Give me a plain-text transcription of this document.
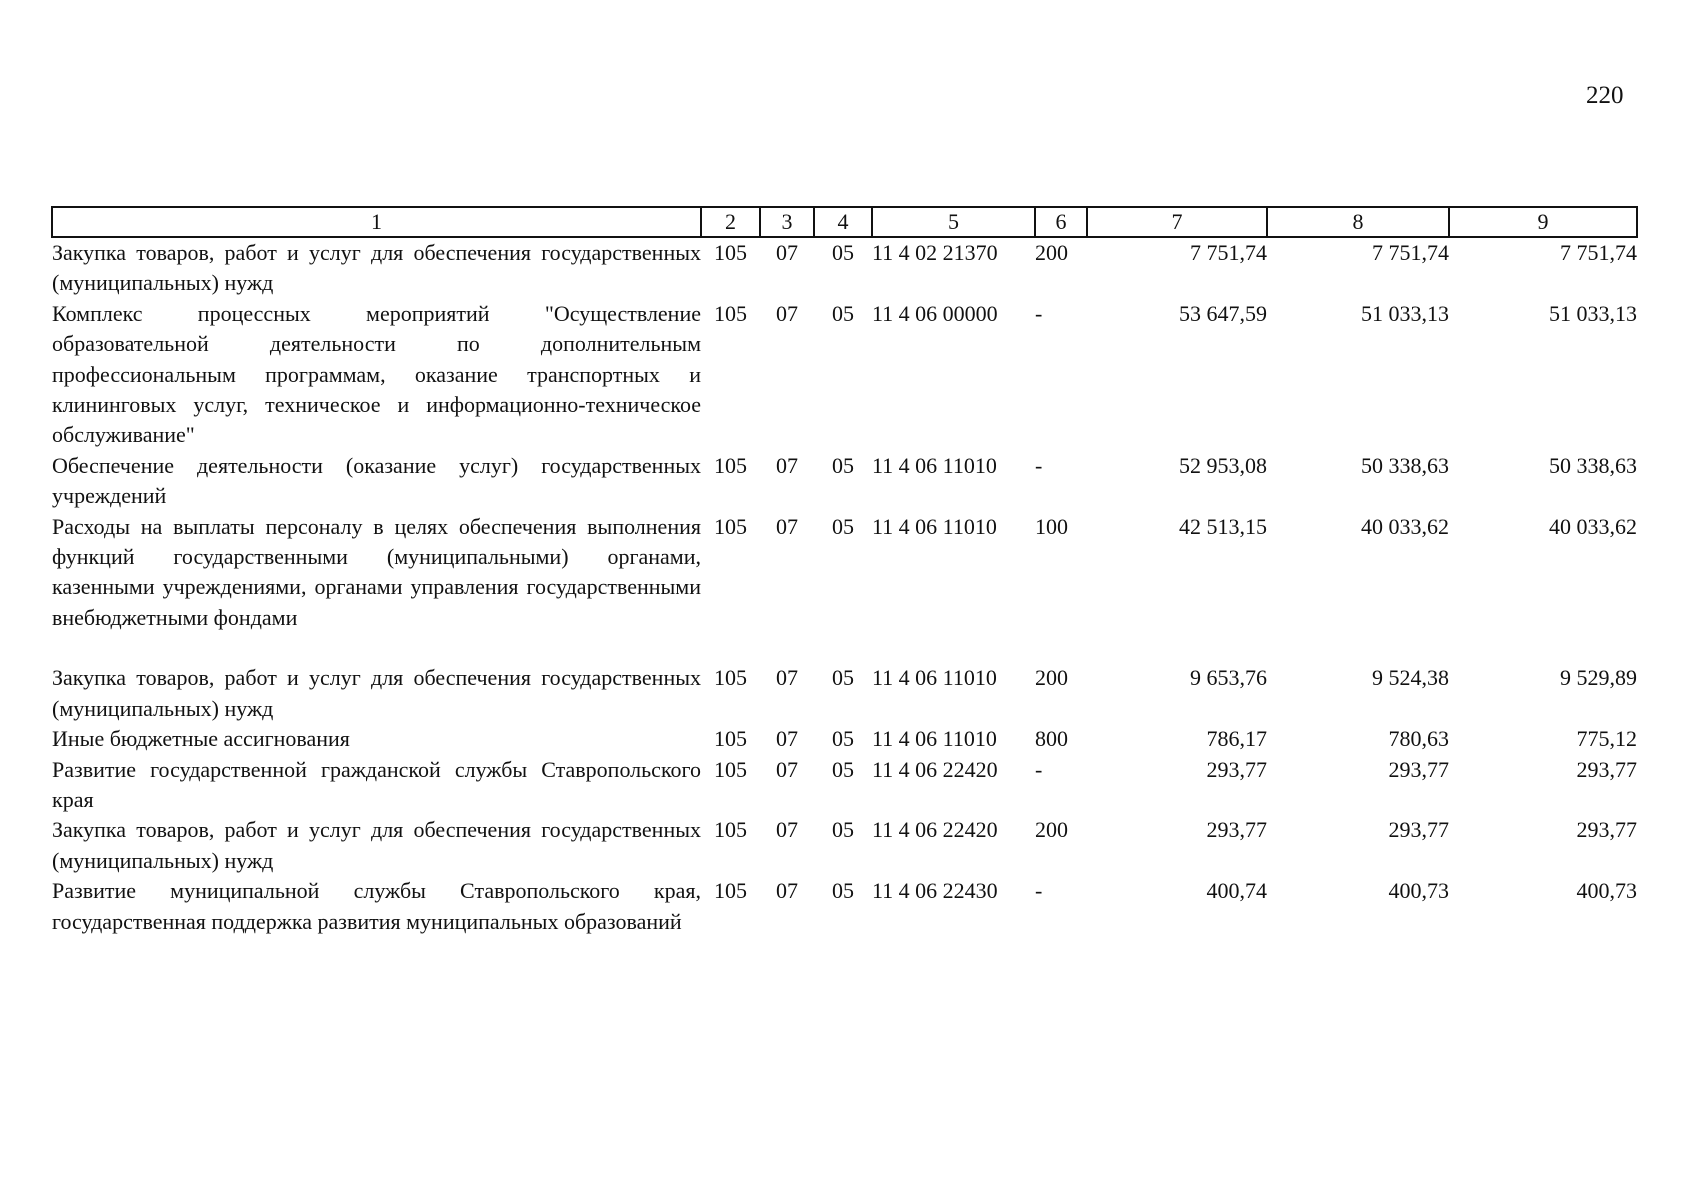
220
1	2	3	4	5	6	7	8	9
Закупка товаров, работ и услуг для обеспечения государственных (муниципальных) нужд	105	07	05	11 4 02 21370	200	7 751,74	7 751,74	7 751,74
Комплекс процессных мероприятий "Осуществление образовательной деятельности по дополнительным профессиональным программам, оказание транспортных и клининговых услуг, техническое и информационно-техническое обслуживание"	105	07	05	11 4 06 00000	-	53 647,59	51 033,13	51 033,13
Обеспечение деятельности (оказание услуг) государственных учреждений	105	07	05	11 4 06 11010	-	52 953,08	50 338,63	50 338,63
Расходы на выплаты персоналу в целях обеспечения выполнения функций государственными (муниципальными) органами, казенными учреждениями, органами управления государственными внебюджетными фондами	105	07	05	11 4 06 11010	100	42 513,15	40 033,62	40 033,62
Закупка товаров, работ и услуг для обеспечения государственных (муниципальных) нужд	105	07	05	11 4 06 11010	200	9 653,76	9 524,38	9 529,89
Иные бюджетные ассигнования	105	07	05	11 4 06 11010	800	786,17	780,63	775,12
Развитие государственной гражданской службы Ставропольского края	105	07	05	11 4 06 22420	-	293,77	293,77	293,77
Закупка товаров, работ и услуг для обеспечения государственных (муниципальных) нужд	105	07	05	11 4 06 22420	200	293,77	293,77	293,77
Развитие муниципальной службы Ставропольского края, государственная поддержка развития муниципальных образований	105	07	05	11 4 06 22430	-	400,74	400,73	400,73
